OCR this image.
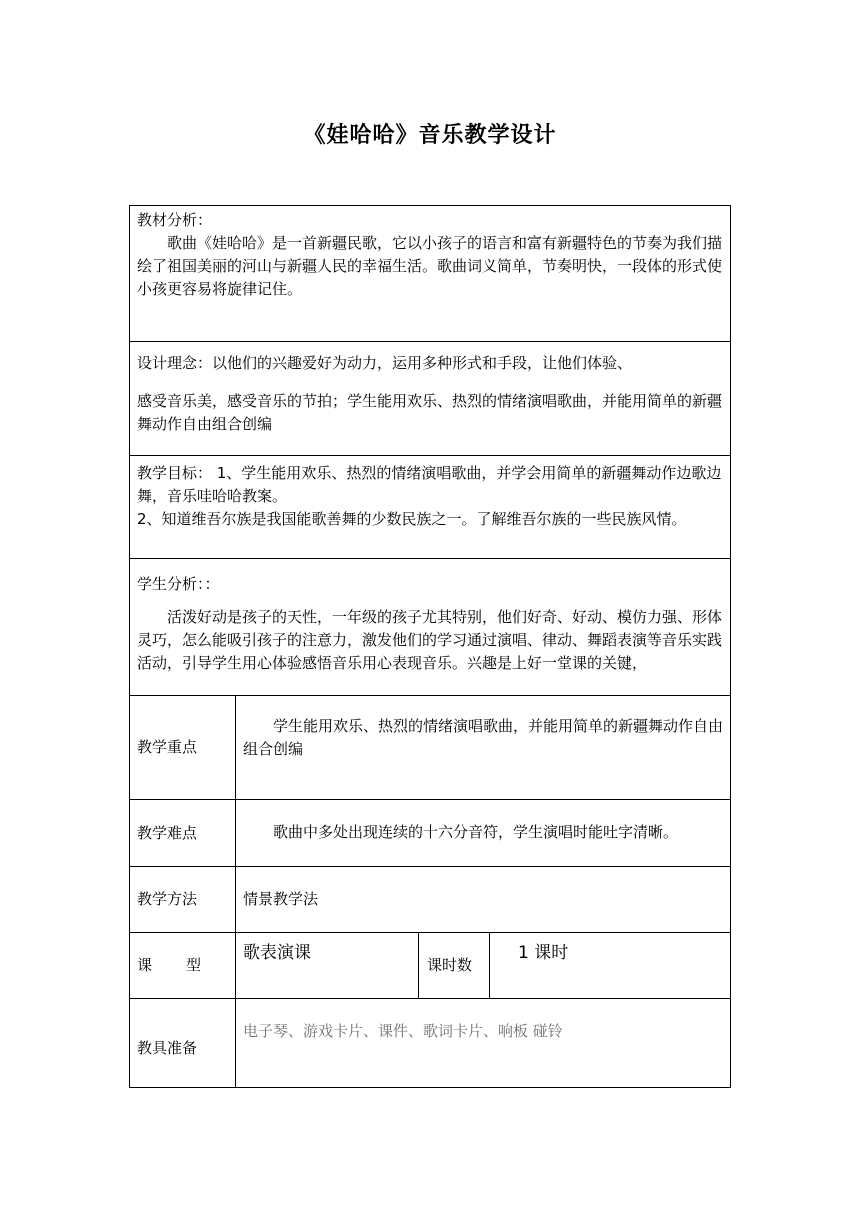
《娃哈哈》音乐教学设计

教材分析：

歌曲《娃哈哈》是一首新疆民歌，它以小孩子的语言和富有新疆特色的节奏为我们描绘了祖国美丽的河山与新疆人民的幸福生活。歌曲词义简单，节奏明快，一段体的形式使小孩更容易将旋律记住。			

设计理念：以他们的兴趣爱好为动力，运用多种形式和手段，让他们体验、

感受音乐美，感受音乐的节拍；学生能用欢乐、热烈的情绪演唱歌曲，并能用简单的新疆舞动作自由组合创编			

教学目标： 1、学生能用欢乐、热烈的情绪演唱歌曲，并学会用简单的新疆舞动作边歌边舞，音乐哇哈哈教案。

2、知道维吾尔族是我国能歌善舞的少数民族之一。了解维吾尔族的一些民族风情。			

学生分析：：

活泼好动是孩子的天性，一年级的孩子尤其特别，他们好奇、好动、模仿力强、形体灵巧，怎么能吸引孩子的注意力，激发他们的学习通过演唱、律动、舞蹈表演等音乐实践活动，引导学生用心体验感悟音乐用心表现音乐。兴趣是上好一堂课的关键，			

教学重点	学生能用欢乐、热烈的情绪演唱歌曲，并能用简单的新疆舞动作自由组合创编		

教学难点	歌曲中多处出现连续的十六分音符，学生演唱时能吐字清晰。		

教学方法	情景教学法		

课型	歌表演课	课时数	1 课时

教具准备	电子琴、游戏卡片、课件、歌词卡片、响板 碰铃		
